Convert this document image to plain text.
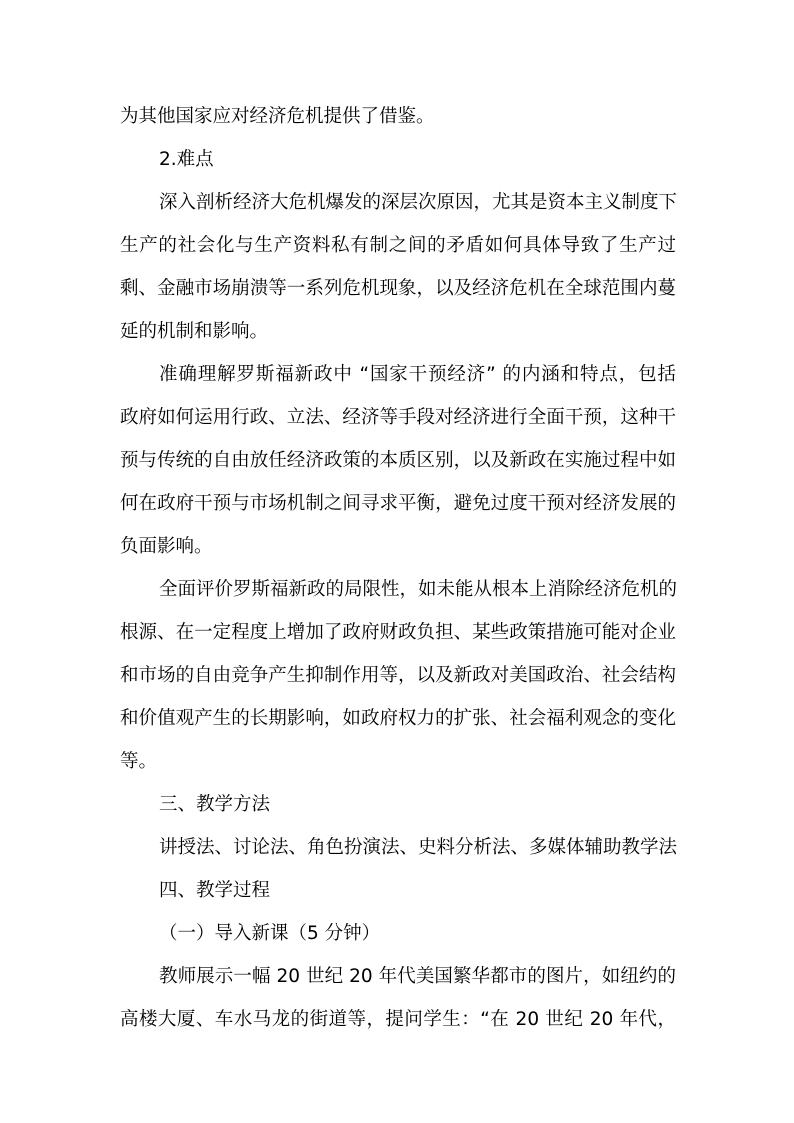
为其他国家应对经济危机提供了借鉴。
2.难点
深入剖析经济大危机爆发的深层次原因，尤其是资本主义制度下
生产的社会化与生产资料私有制之间的矛盾如何具体导致了生产过
剩、金融市场崩溃等一系列危机现象，以及经济危机在全球范围内蔓
延的机制和影响。
准确理解罗斯福新政中 “国家干预经济” 的内涵和特点，包括
政府如何运用行政、立法、经济等手段对经济进行全面干预，这种干
预与传统的自由放任经济政策的本质区别，以及新政在实施过程中如
何在政府干预与市场机制之间寻求平衡，避免过度干预对经济发展的
负面影响。
全面评价罗斯福新政的局限性，如未能从根本上消除经济危机的
根源、在一定程度上增加了政府财政负担、某些政策措施可能对企业
和市场的自由竞争产生抑制作用等，以及新政对美国政治、社会结构
和价值观产生的长期影响，如政府权力的扩张、社会福利观念的变化
等。
三、教学方法
讲授法、讨论法、角色扮演法、史料分析法、多媒体辅助教学法
四、教学过程
（一）导入新课（5 分钟）
教师展示一幅 20 世纪 20 年代美国繁华都市的图片，如纽约的
高楼大厦、车水马龙的街道等，提问学生：“在 20 世纪 20 年代，
